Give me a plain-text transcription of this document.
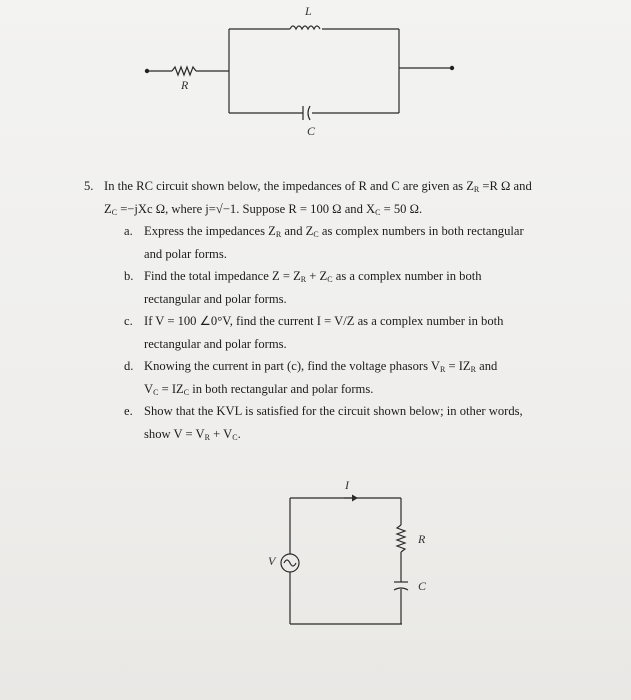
L
R
C
5. In the RC circuit shown below, the impedances of R and C are given as $Z_R =R$ Ω and
$Z_C =-jXc$ Ω, where j=√−1. Suppose R = 100 Ω and $X_C = 50$ Ω.
a. Express the impedances $Z_R$ and $Z_C$ as complex numbers in both rectangular
and polar forms.
b. Find the total impedance $Z = Z_R + Z_C$ as a complex number in both
rectangular and polar forms.
c. If V = 100 ∠0°V, find the current I = V/Z as a complex number in both
rectangular and polar forms.
d. Knowing the current in part (c), find the voltage phasors $V_R = IZ_R$ and
$V_C = IZ_C$ in both rectangular and polar forms.
e. Show that the KVL is satisfied for the circuit shown below; in other words,
show $V = V_R + V_C$.
I
V
R
C
